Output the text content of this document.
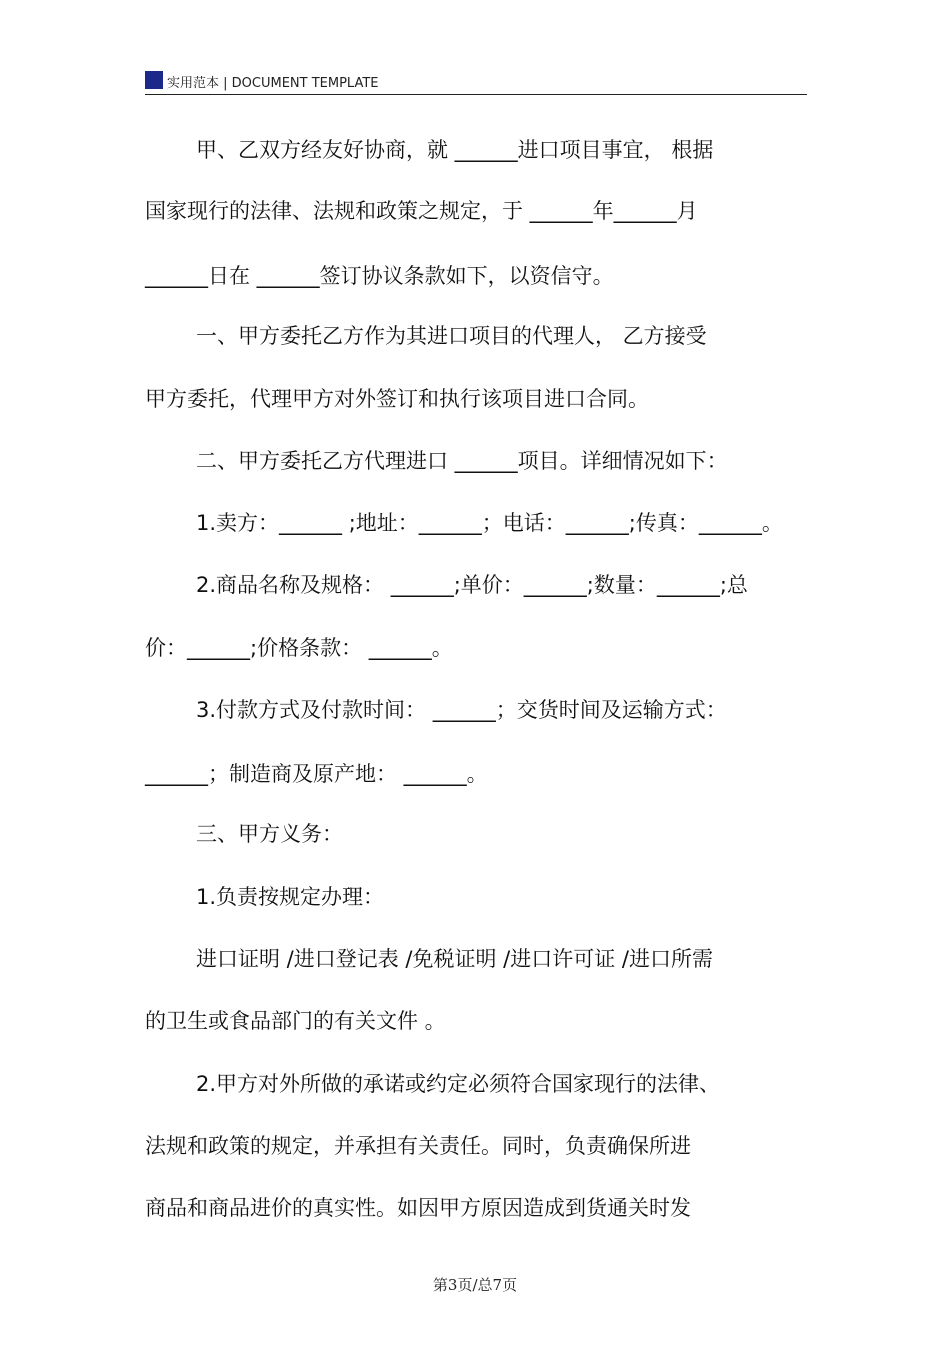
实用范本 | DOCUMENT TEMPLATE
甲、乙双方经友好协商，就 ______进口项目事宜， 根据
国家现行的法律、法规和政策之规定，于 ______年______月
______日在 ______签订协议条款如下，以资信守。
一、甲方委托乙方作为其进口项目的代理人， 乙方接受
甲方委托，代理甲方对外签订和执行该项目进口合同。
二、甲方委托乙方代理进口 ______项目。详细情况如下：
1.卖方：______ ;地址：______；电话：______;传真：______。
2.商品名称及规格： ______;单价：______;数量：______;总
价：______;价格条款： ______。
3.付款方式及付款时间： ______；交货时间及运输方式：
______；制造商及原产地： ______。
三、甲方义务：
1.负责按规定办理：
进口证明 /进口登记表 /免税证明 /进口许可证 /进口所需
的卫生或食品部门的有关文件 。
2.甲方对外所做的承诺或约定必须符合国家现行的法律、
法规和政策的规定，并承担有关责任。同时，负责确保所进
商品和商品进价的真实性。如因甲方原因造成到货通关时发
第3页/总7页
